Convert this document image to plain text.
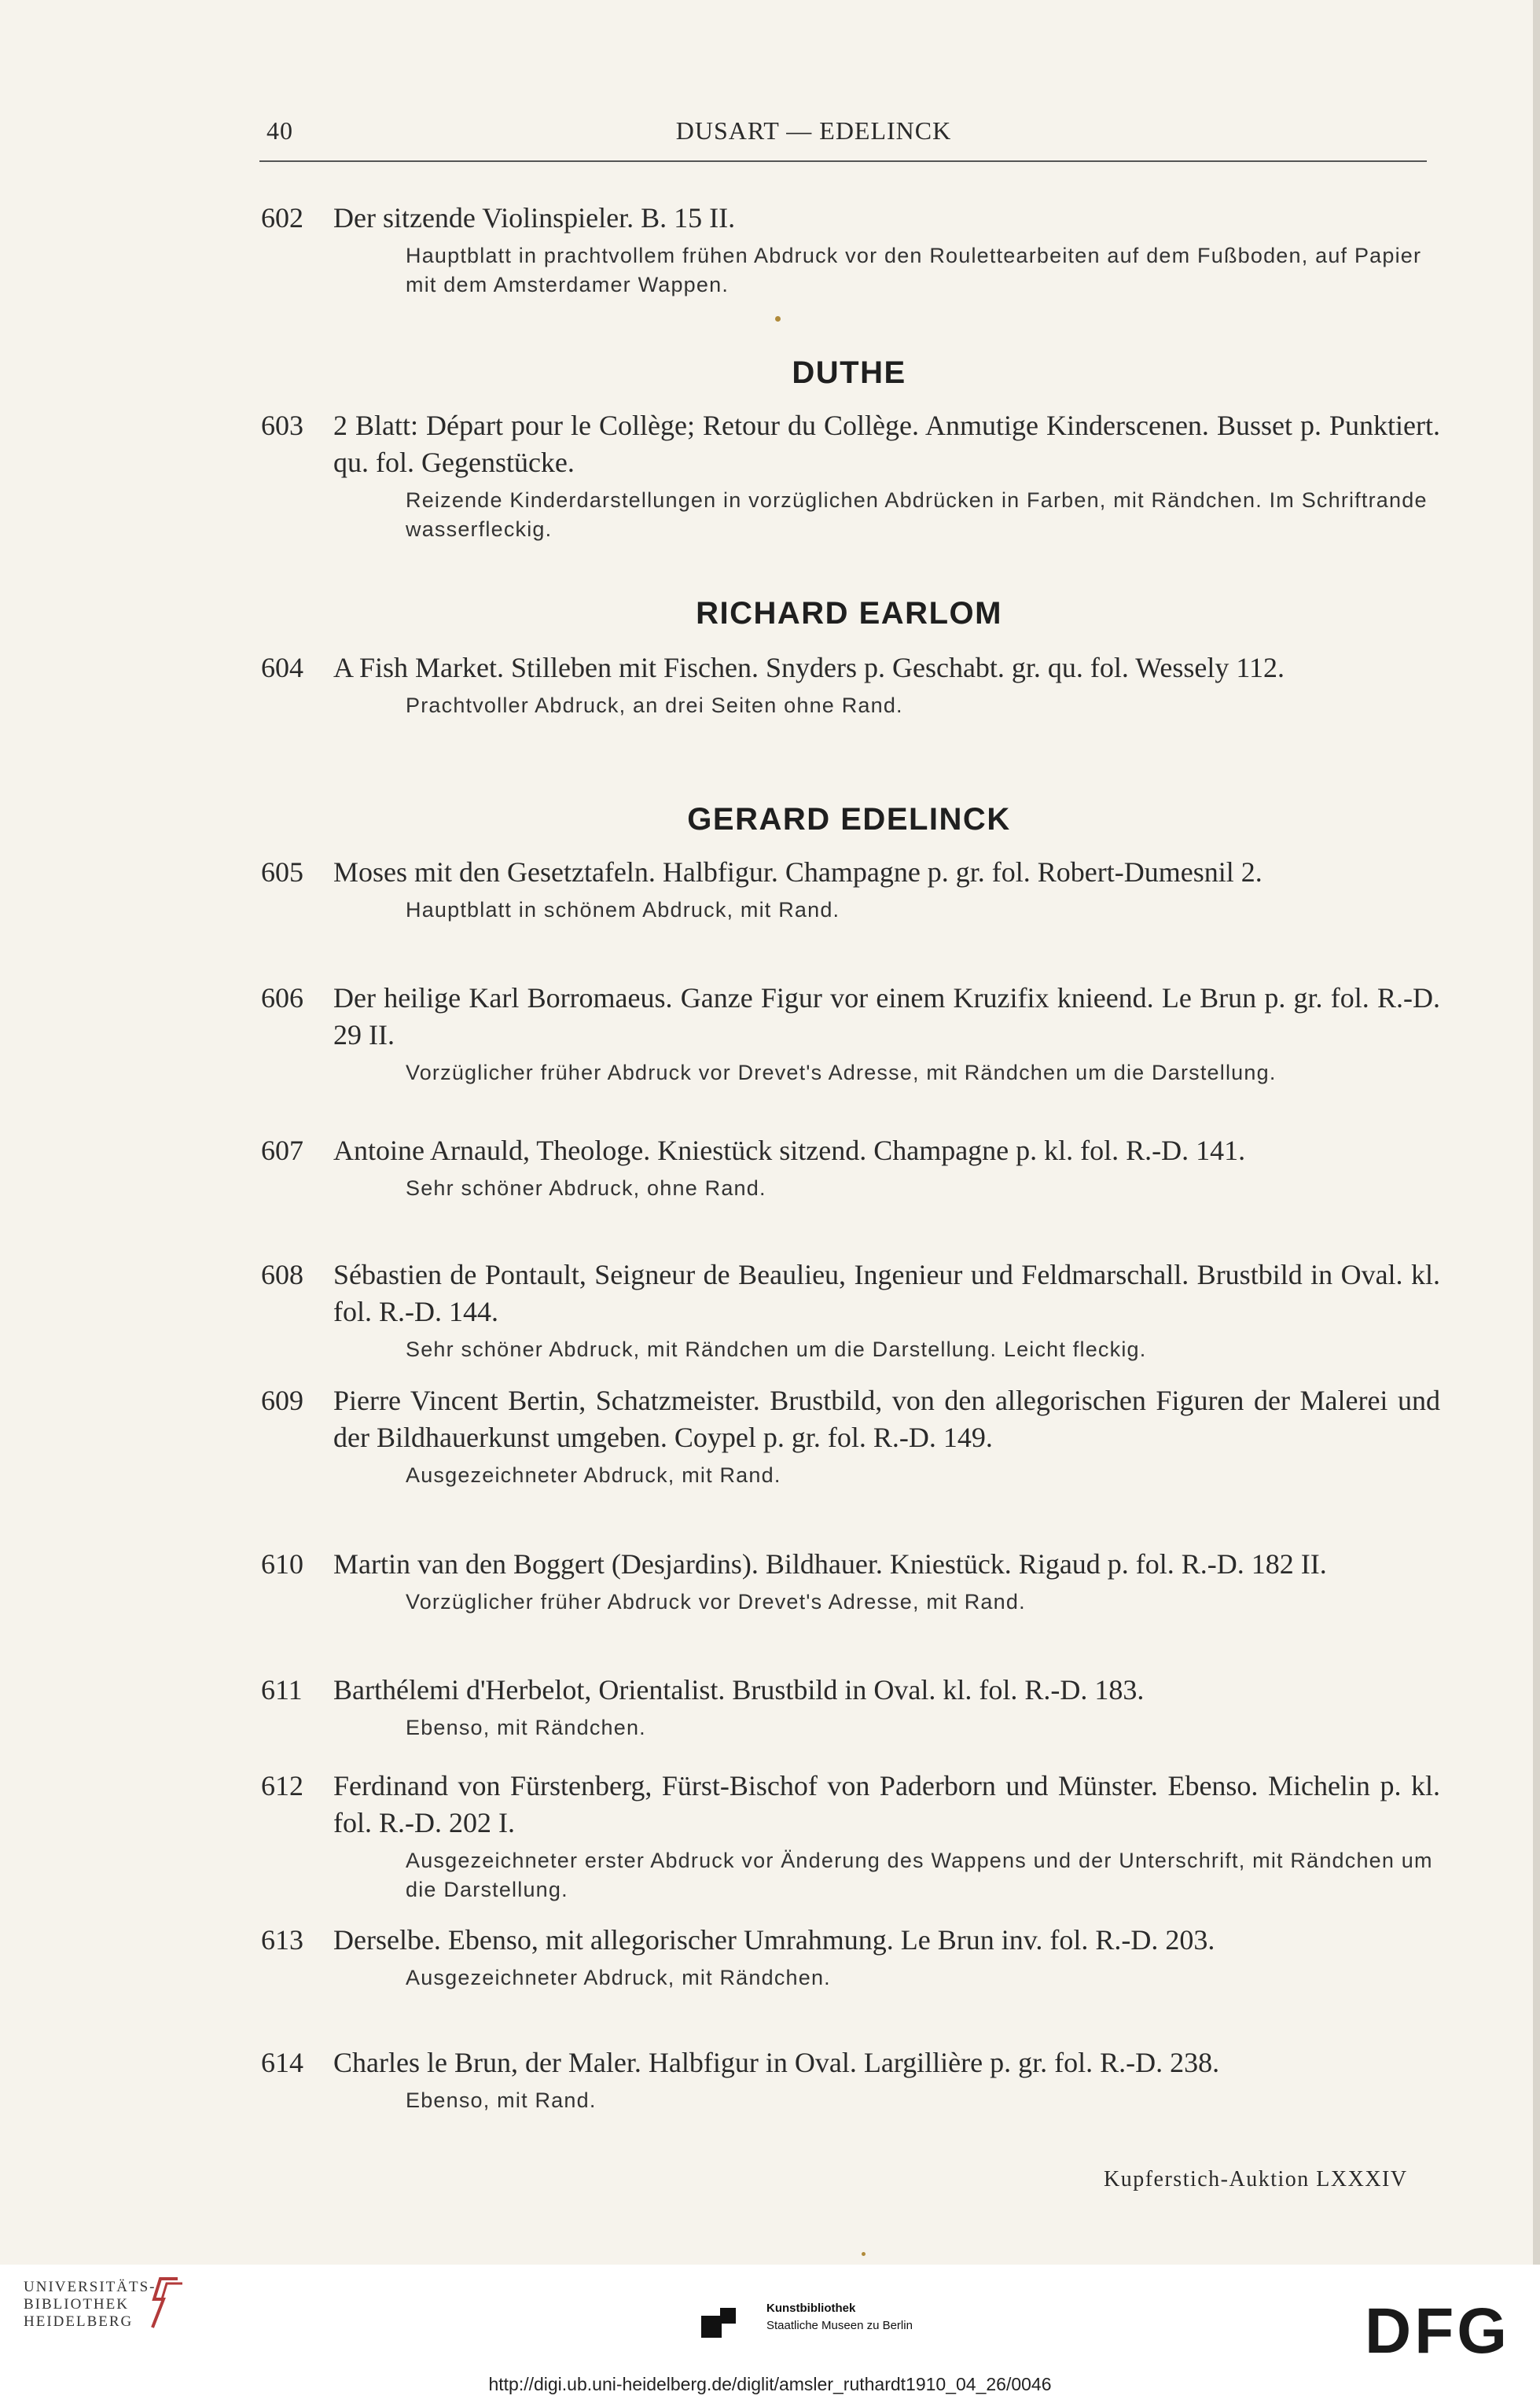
40	DUSART — EDELINCK
602	Der sitzende Violinspieler. B. 15 II.
Hauptblatt in prachtvollem frühen Abdruck vor den Roulettearbeiten auf dem Fußboden, auf Papier mit dem Amsterdamer Wappen.
DUTHE
603	2 Blatt: Départ pour le Collège; Retour du Collège. Anmutige Kinderscenen. Busset p. Punktiert. qu. fol. Gegenstücke.
Reizende Kinderdarstellungen in vorzüglichen Abdrücken in Farben, mit Rändchen. Im Schriftrande wasserfleckig.
RICHARD EARLOM
604	A Fish Market. Stilleben mit Fischen. Snyders p. Geschabt. gr. qu. fol. Wessely 112.
Prachtvoller Abdruck, an drei Seiten ohne Rand.
GERARD EDELINCK
605	Moses mit den Gesetztafeln. Halbfigur. Champagne p. gr. fol. Robert-Dumesnil 2.
Hauptblatt in schönem Abdruck, mit Rand.
606	Der heilige Karl Borromaeus. Ganze Figur vor einem Kruzifix knieend. Le Brun p. gr. fol. R.-D. 29 II.
Vorzüglicher früher Abdruck vor Drevet's Adresse, mit Rändchen um die Darstellung.
607	Antoine Arnauld, Theologe. Kniestück sitzend. Champagne p. kl. fol. R.-D. 141.
Sehr schöner Abdruck, ohne Rand.
608	Sébastien de Pontault, Seigneur de Beaulieu, Ingenieur und Feldmarschall. Brustbild in Oval. kl. fol. R.-D. 144.
Sehr schöner Abdruck, mit Rändchen um die Darstellung. Leicht fleckig.
609	Pierre Vincent Bertin, Schatzmeister. Brustbild, von den allegorischen Figuren der Malerei und der Bildhauerkunst umgeben. Coypel p. gr. fol. R.-D. 149.
Ausgezeichneter Abdruck, mit Rand.
610	Martin van den Boggert (Desjardins). Bildhauer. Kniestück. Rigaud p. fol. R.-D. 182 II.
Vorzüglicher früher Abdruck vor Drevet's Adresse, mit Rand.
611	Barthélemi d'Herbelot, Orientalist. Brustbild in Oval. kl. fol. R.-D. 183.
Ebenso, mit Rändchen.
612	Ferdinand von Fürstenberg, Fürst-Bischof von Paderborn und Münster. Ebenso. Michelin p. kl. fol. R.-D. 202 I.
Ausgezeichneter erster Abdruck vor Änderung des Wappens und der Unterschrift, mit Rändchen um die Darstellung.
613	Derselbe. Ebenso, mit allegorischer Umrahmung. Le Brun inv. fol. R.-D. 203.
Ausgezeichneter Abdruck, mit Rändchen.
614	Charles le Brun, der Maler. Halbfigur in Oval. Largillière p. gr. fol. R.-D. 238.
Ebenso, mit Rand.
Kupferstich-Auktion LXXXIV
UNIVERSITÄTS-
BIBLIOTHEK
HEIDELBERG
Kunstbibliothek
Staatliche Museen zu Berlin	DFG
http://digi.ub.uni-heidelberg.de/diglit/amsler_ruthardt1910_04_26/0046
